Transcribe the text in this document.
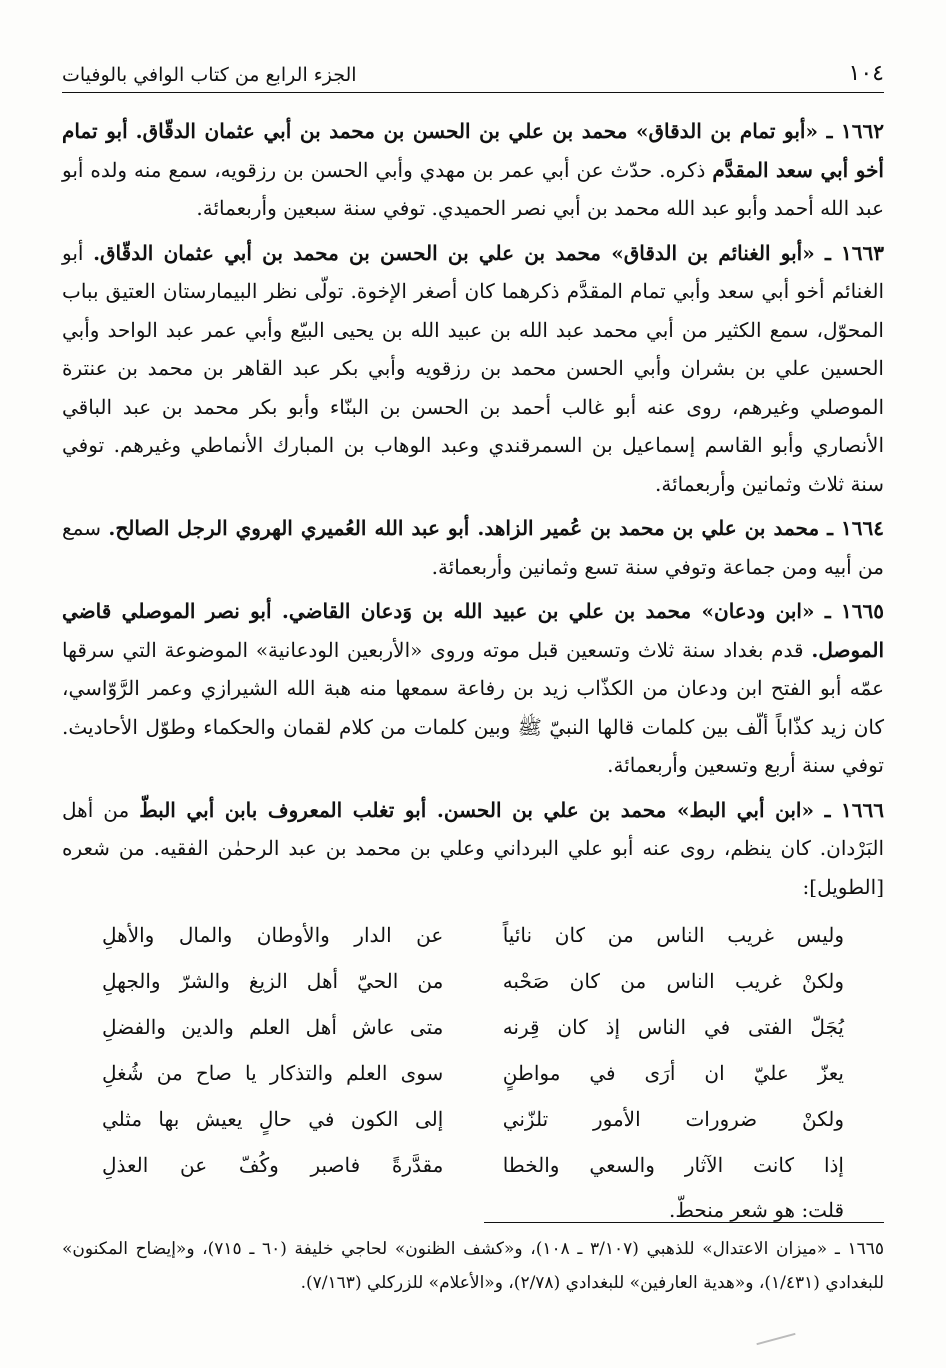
١٠٤
الجزء الرابع من كتاب الوافي بالوفيات

١٦٦٢ ـ «أبو تمام بن الدقاق» محمد بن علي بن الحسن بن محمد بن أبي عثمان الدقّاق. أبو تمام أخو أبي سعد المقدَّم ذكره. حدّث عن أبي عمر بن مهدي وأبي الحسن بن رزقويه، سمع منه ولده أبو عبد الله أحمد وأبو عبد الله محمد بن أبي نصر الحميدي. توفي سنة سبعين وأربعمائة.

١٦٦٣ ـ «أبو الغنائم بن الدقاق» محمد بن علي بن الحسن بن محمد بن أبي عثمان الدقّاق. أبو الغنائم أخو أبي سعد وأبي تمام المقدَّم ذكرهما كان أصغر الإخوة. تولّى نظر البيمارستان العتيق بباب المحوّل، سمع الكثير من أبي محمد عبد الله بن عبيد الله بن يحيى البيّع وأبي عمر عبد الواحد وأبي الحسين علي بن بشران وأبي الحسن محمد بن رزقويه وأبي بكر عبد القاهر بن محمد بن عنترة الموصلي وغيرهم، روى عنه أبو غالب أحمد بن الحسن بن البنّاء وأبو بكر محمد بن عبد الباقي الأنصاري وأبو القاسم إسماعيل بن السمرقندي وعبد الوهاب بن المبارك الأنماطي وغيرهم. توفي سنة ثلاث وثمانين وأربعمائة.

١٦٦٤ ـ محمد بن علي بن محمد بن عُمير الزاهد. أبو عبد الله العُميري الهروي الرجل الصالح. سمع من أبيه ومن جماعة وتوفي سنة تسع وثمانين وأربعمائة.

١٦٦٥ ـ «ابن ودعان» محمد بن علي بن عبيد الله بن وَدعان القاضي. أبو نصر الموصلي قاضي الموصل. قدم بغداد سنة ثلاث وتسعين قبل موته وروى «الأربعين الودعانية» الموضوعة التي سرقها عمّه أبو الفتح ابن ودعان من الكذّاب زيد بن رفاعة سمعها منه هبة الله الشيرازي وعمر الرَّوّاسي، كان زيد كذّاباً ألّف بين كلمات قالها النبيّ ﷺ وبين كلمات من كلام لقمان والحكماء وطوّل الأحاديث. توفي سنة أربع وتسعين وأربعمائة.

١٦٦٦ ـ «ابن أبي البط» محمد بن علي بن الحسن. أبو تغلب المعروف بابن أبي البطّ من أهل البَرْدان. كان ينظم، روى عنه أبو علي البرداني وعلي بن محمد بن عبد الرحمٰن الفقيه. من شعره [الطويل]:

وليس غريب الناس من كان نائياً
عن الدار والأوطان والمال والأهلِ
ولكنْ غريب الناس من كان صَحْبه
من الحيّ أهل الزيغ والشرّ والجهلِ
يُجَلّ الفتى في الناس إذ كان قِرنه
متى عاش أهل العلم والدين والفضلِ
يعزّ عليّ ان أرَى في مواطنٍ
سوى العلم والتذكار يا صاح من شُغلِ
ولكنْ ضرورات الأمور تلزّني
إلى الكون في حالٍ يعيش بها مثلي
إذا كانت الآثار والسعي والخطا
مقدَّرةً فاصبر وكُفّ عن العذلِ
قلت: هو شعر منحطّ.
١٦٦٥ ـ «ميزان الاعتدال» للذهبي (٣/١٠٧ ـ ١٠٨)، و«كشف الظنون» لحاجي خليفة (٦٠ ـ ٧١٥)، و«إيضاح المكنون» للبغدادي (١/٤٣١)، و«هدية العارفين» للبغدادي (٢/٧٨)، و«الأعلام» للزركلي (٧/١٦٣).
